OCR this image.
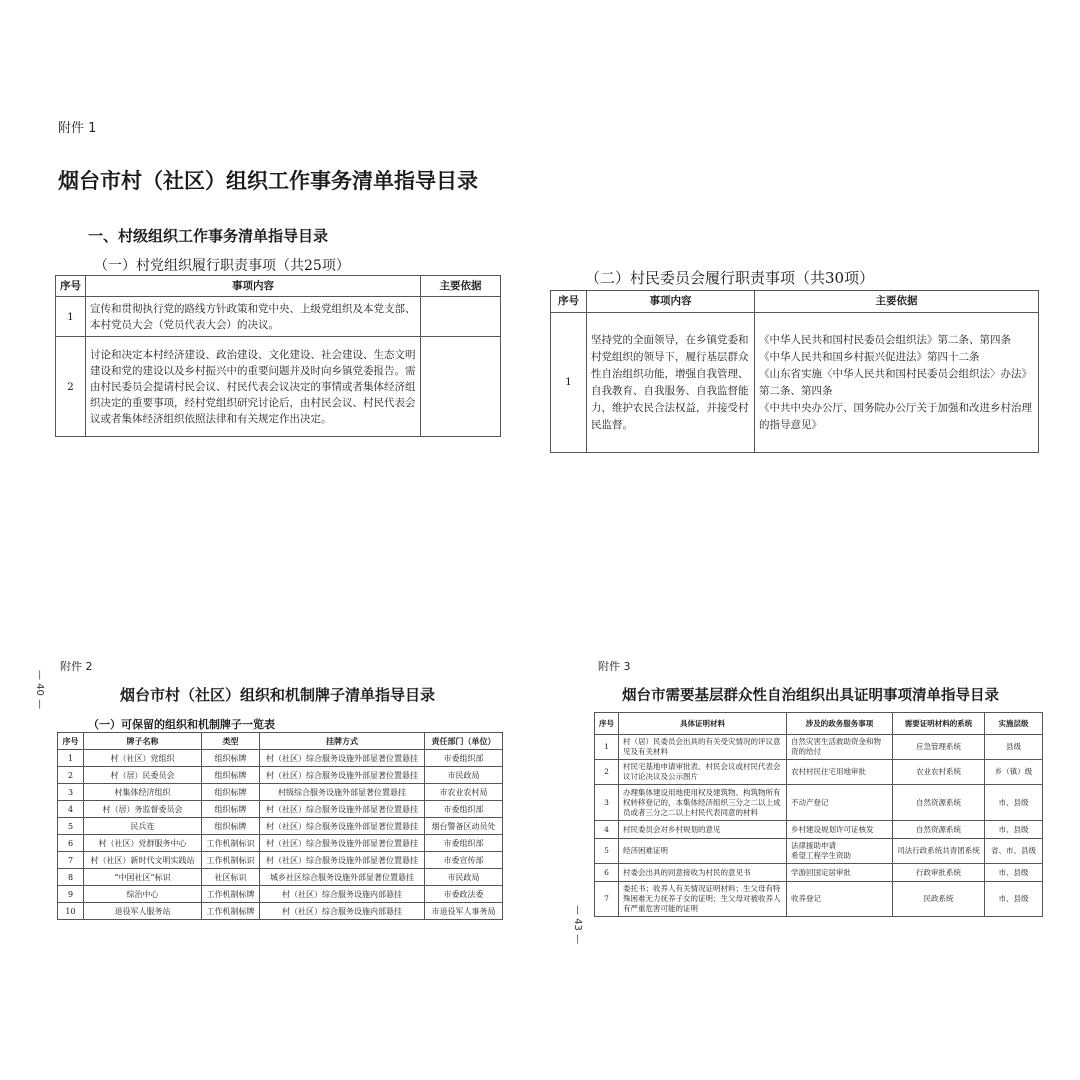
附件 1
烟台市村（社区）组织工作事务清单指导目录
一、村级组织工作事务清单指导目录
（一）村党组织履行职责事项（共25项）
序号	事项内容	主要依据
1	宣传和贯彻执行党的路线方针政策和党中央、上级党组织及本党支部、本村党员大会（党员代表大会）的决议。	
2	讨论和决定本村经济建设、政治建设、文化建设、社会建设、生态文明建设和党的建设以及乡村振兴中的重要问题并及时向乡镇党委报告。需由村民委员会提请村民会议、村民代表会议决定的事情或者集体经济组织决定的重要事项，经村党组织研究讨论后，由村民会议、村民代表会议或者集体经济组织依照法律和有关规定作出决定。	
（二）村民委员会履行职责事项（共30项）
序号	事项内容	主要依据
1	坚持党的全面领导，在乡镇党委和村党组织的领导下，履行基层群众性自治组织功能，增强自我管理、自我教育、自我服务、自我监督能力，维护农民合法权益，并接受村民监督。	《中华人民共和国村民委员会组织法》第二条、第四条
《中华人民共和国乡村振兴促进法》第四十二条
《山东省实施〈中华人民共和国村民委员会组织法〉办法》第二条、第四条
《中共中央办公厅、国务院办公厅关于加强和改进乡村治理的指导意见》
附件 2
— 40 —	烟台市村（社区）组织和机制牌子清单指导目录
（一）可保留的组织和机制牌子一览表
序号	牌子名称	类型	挂牌方式	责任部门（单位）
1	村（社区）党组织	组织标牌	村（社区）综合服务设施外部显著位置悬挂	市委组织部
2	村（居）民委员会	组织标牌	村（社区）综合服务设施外部显著位置悬挂	市民政局
3	村集体经济组织	组织标牌	村级综合服务设施外部显著位置悬挂	市农业农村局
4	村（居）务监督委员会	组织标牌	村（社区）综合服务设施外部显著位置悬挂	市委组织部
5	民兵连	组织标牌	村（社区）综合服务设施外部显著位置悬挂	烟台警备区动员处
6	村（社区）党群服务中心	工作机制标识	村（社区）综合服务设施外部显著位置悬挂	市委组织部
7	村（社区）新时代文明实践站	工作机制标识	村（社区）综合服务设施外部显著位置悬挂	市委宣传部
8	“中国社区”标识	社区标识	城乡社区综合服务设施外部显著位置悬挂	市民政局
9	综治中心	工作机制标牌	村（社区）综合服务设施内部悬挂	市委政法委
10	退役军人服务站	工作机制标牌	村（社区）综合服务设施内部悬挂	市退役军人事务局
附件 3
— 43 —
烟台市需要基层群众性自治组织出具证明事项清单指导目录
序号	具体证明材料	涉及的政务服务事项	需要证明材料的系统	实施层级
1	村（居）民委员会出具的有关受灾情况的评议意见及有关材料	自然灾害生活救助资金和物资的给付	应急管理系统	县级
2	村民宅基地申请审批表、村民会议或村民代表会议讨论决议及公示图片	农村村民住宅用地审批	农业农村系统	乡（镇）级
3	办理集体建设用地使用权及建筑物、构筑物所有权转移登记的，本集体经济组织三分之二以上成员或者三分之二以上村民代表同意的材料	不动产登记	自然资源系统	市、县级
4	村民委员会对乡村规划的意见	乡村建设规划许可证核发	自然资源系统	市、县级
5	经济困难证明	法律援助申请
希望工程学生资助	司法行政系统共青团系统	省、市、县级
6	村委会出具的同意接收为村民的意见书	学游回国定居审批	行政审批系统	市、县级
7	委托书；收养人有关情况证明材料；生父母有特殊困难无力抚养子女的证明；生父母对被收养人有严重危害可能的证明	收养登记	民政系统	市、县级
